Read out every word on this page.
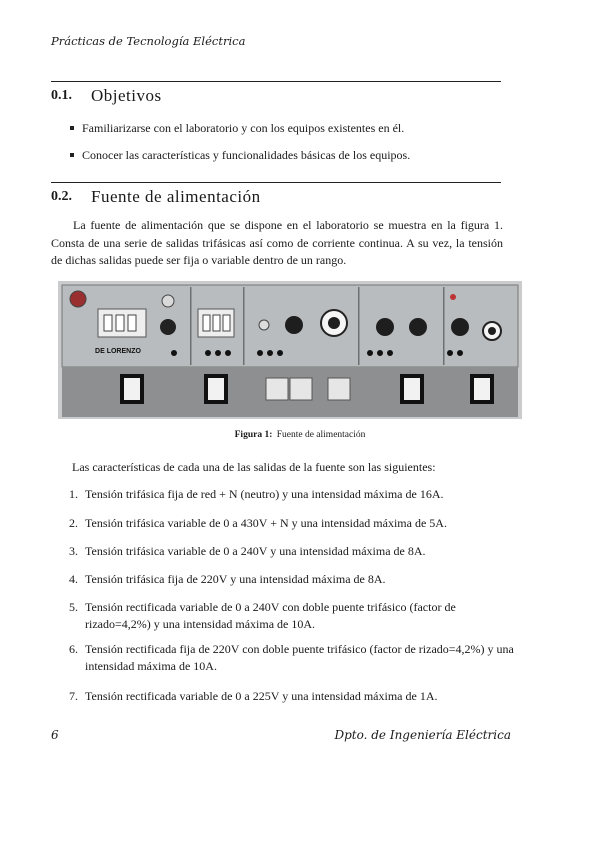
Prácticas de Tecnología Eléctrica
0.1. Objetivos
Familiarizarse con el laboratorio y con los equipos existentes en él.
Conocer las características y funcionalidades básicas de los equipos.
0.2. Fuente de alimentación
La fuente de alimentación que se dispone en el laboratorio se muestra en la figura 1. Consta de una serie de salidas trifásicas así como de corriente continua. A su vez, la tensión de dichas salidas puede ser fija o variable dentro de un rango.
DE LORENZO
Figura 1: Fuente de alimentación
Las características de cada una de las salidas de la fuente son las siguientes:
1. Tensión trifásica fija de red + N (neutro) y una intensidad máxima de 16A.
2. Tensión trifásica variable de 0 a 430V + N y una intensidad máxima de 5A.
3. Tensión trifásica variable de 0 a 240V y una intensidad máxima de 8A.
4. Tensión trifásica fija de 220V y una intensidad máxima de 8A.
5. Tensión rectificada variable de 0 a 240V con doble puente trifásico (factor de rizado=4,2%) y una intensidad máxima de 10A.
6. Tensión rectificada fija de 220V con doble puente trifásico (factor de rizado=4,2%) y una intensidad máxima de 10A.
7. Tensión rectificada variable de 0 a 225V y una intensidad máxima de 1A.
6	Dpto. de Ingeniería Eléctrica
